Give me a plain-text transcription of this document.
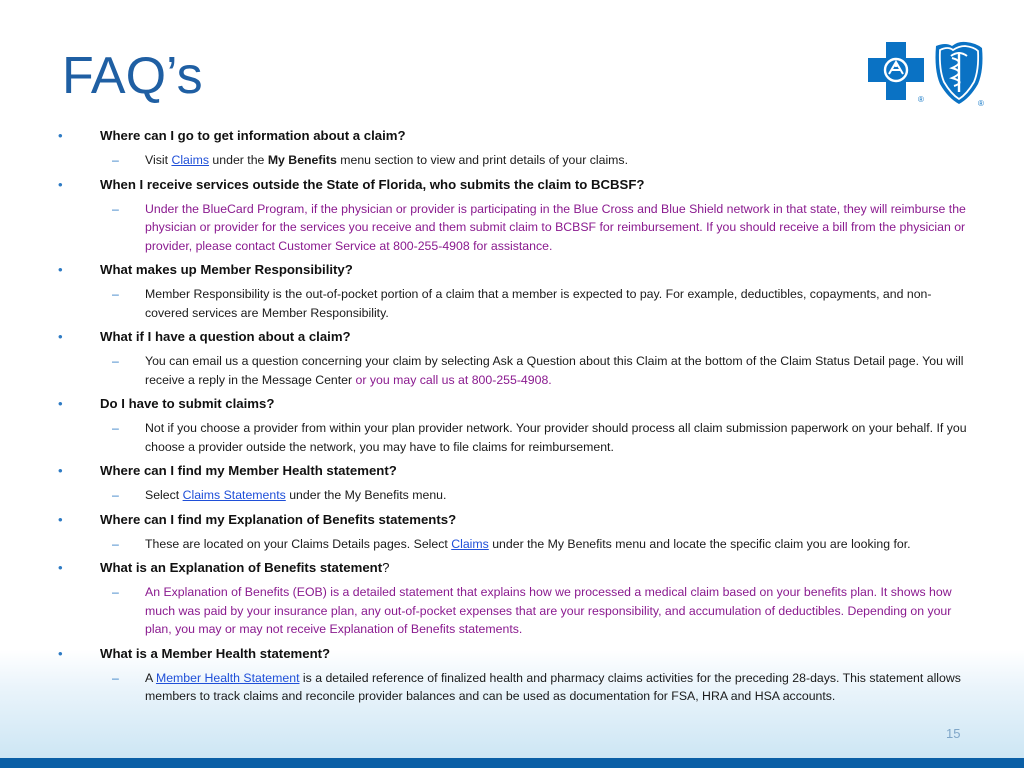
FAQ’s	®	®

•	Where can I go to get information about a claim?

– Visit Claims under the My Benefits menu section to view and print details of your claims.

•	When I receive services outside the State of Florida, who submits the claim to BCBSF?

– Under the BlueCard Program, if the physician or provider is participating in the Blue Cross and Blue Shield network in that state, they will reimburse the physician or provider for the services you receive and them submit claim to BCBSF for reimbursement. If you should receive a bill from the physician or provider, please contact Customer Service at 800-255-4908 for assistance.

•	What makes up Member Responsibility?

– Member Responsibility is the out-of-pocket portion of a claim that a member is expected to pay. For example, deductibles, copayments, and non-covered services are Member Responsibility.

•	What if I have a question about a claim?

– You can email us a question concerning your claim by selecting Ask a Question about this Claim at the bottom of the Claim Status Detail page. You will receive a reply in the Message Center or you may call us at 800-255-4908.

•	Do I have to submit claims?

– Not if you choose a provider from within your plan provider network. Your provider should process all claim submission paperwork on your behalf. If you choose a provider outside the network, you may have to file claims for reimbursement.

•	Where can I find my Member Health statement?

– Select Claims Statements under the My Benefits menu.

•	Where can I find my Explanation of Benefits statements?

– These are located on your Claims Details pages. Select Claims under the My Benefits menu and locate the specific claim you are looking for.

•	What is an Explanation of Benefits statement?

– An Explanation of Benefits (EOB) is a detailed statement that explains how we processed a medical claim based on your benefits plan. It shows how much was paid by your insurance plan, any out-of-pocket expenses that are your responsibility, and accumulation of deductibles. Depending on your plan, you may or may not receive Explanation of Benefits statements.

•	What is a Member Health statement?

– A Member Health Statement is a detailed reference of finalized health and pharmacy claims activities for the preceding 28-days. This statement allows members to track claims and reconcile provider balances and can be used as documentation for FSA, HRA and HSA accounts.

15
